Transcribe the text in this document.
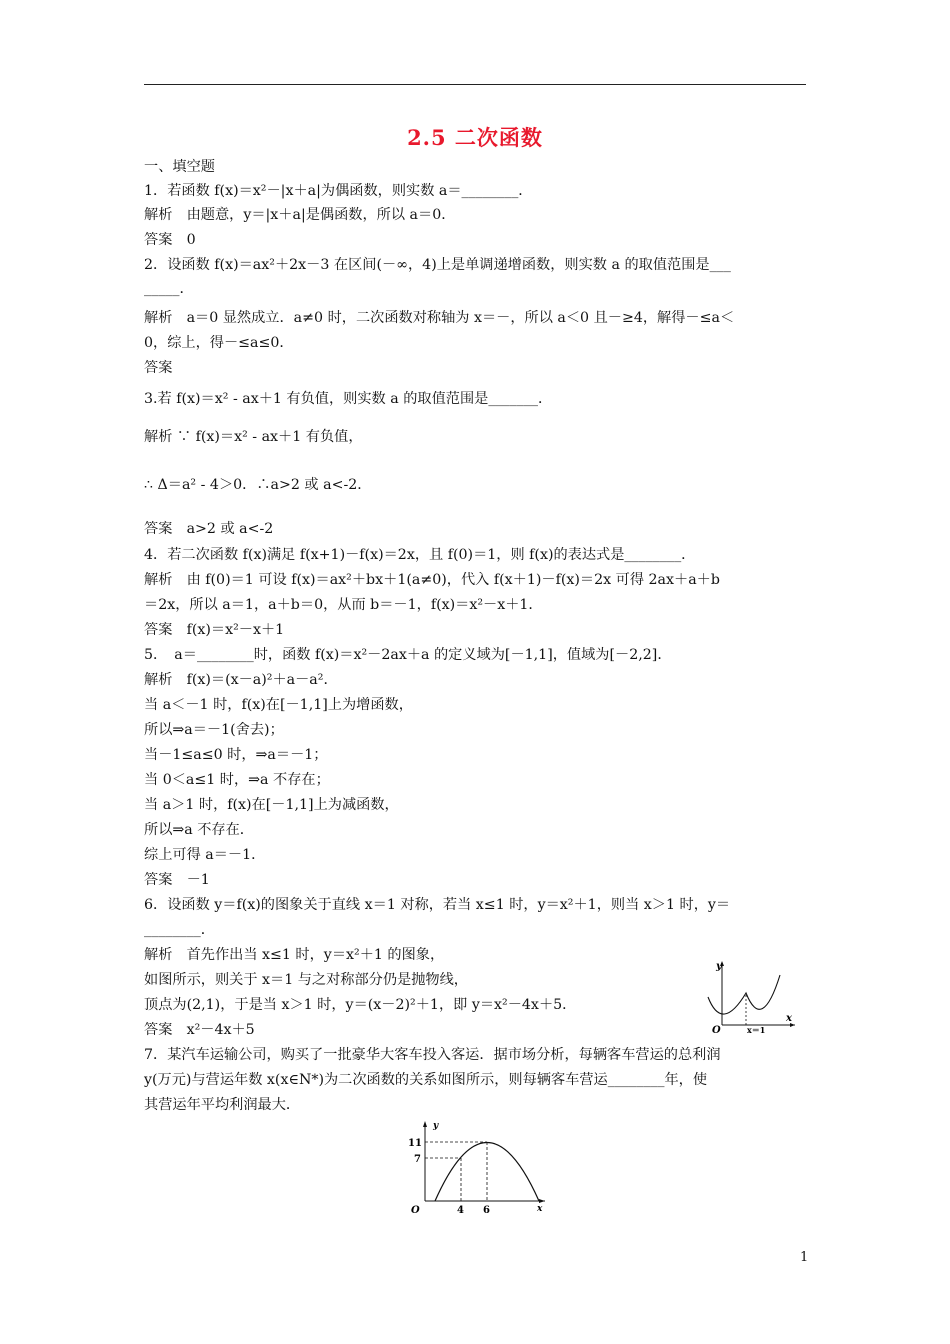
2.5 二次函数
一、填空题
1．若函数 f(x)＝x²－|x＋a|为偶函数，则实数 a＝________．
解析　由题意，y＝|x＋a|是偶函数，所以 a＝0．
答案　0
2．设函数 f(x)＝ax²＋2x－3 在区间(－∞，4)上是单调递增函数，则实数 a 的取值范围是___
_____．
解析　a＝0 显然成立．a≠0 时，二次函数对称轴为 x＝－，所以 a＜0 且－≥4，解得－≤a＜
0，综上，得－≤a≤0．
答案
3.若 f(x)＝x² - ax＋1 有负值，则实数 a 的取值范围是_______．
解析 ∵ f(x)＝x² - ax＋1 有负值，
∴ Δ＝a² - 4＞0．∴a>2 或 a<-2．
答案　a>2 或 a<-2
4．若二次函数 f(x)满足 f(x+1)－f(x)＝2x，且 f(0)＝1，则 f(x)的表达式是________．
解析　由 f(0)＝1 可设 f(x)＝ax²＋bx＋1(a≠0)，代入 f(x＋1)－f(x)＝2x 可得 2ax＋a＋b
＝2x，所以 a＝1，a＋b＝0，从而 b＝－1，f(x)＝x²－x＋1．
答案　f(x)＝x²－x＋1
5．　a＝________时，函数 f(x)＝x²－2ax＋a 的定义域为[－1,1]，值域为[－2,2]．
解析　f(x)＝(x－a)²＋a－a²．
当 a＜－1 时，f(x)在[－1,1]上为增函数，
所以⇒a＝－1(舍去)；
当－1≤a≤0 时，⇒a＝－1；
当 0＜a≤1 时，⇒a 不存在；
当 a＞1 时，f(x)在[－1,1]上为减函数，
所以⇒a 不存在．
综上可得 a＝－1．
答案　－1
6．设函数 y＝f(x)的图象关于直线 x＝1 对称，若当 x≤1 时，y＝x²＋1，则当 x＞1 时，y＝
________．
解析　首先作出当 x≤1 时，y＝x²＋1 的图象，
如图所示，则关于 x＝1 与之对称部分仍是抛物线，
顶点为(2,1)，于是当 x＞1 时，y＝(x－2)²＋1，即 y＝x²－4x＋5．
答案　x²－4x＋5
7．某汽车运输公司，购买了一批豪华大客车投入客运．据市场分析，每辆客车营运的总利润
y(万元)与营运年数 x(x∈N*)为二次函数的关系如图所示，则每辆客车营运________年，使
其营运年平均利润最大．
y
x
O	x＝1
y
x
O
11
7
4 6
1
